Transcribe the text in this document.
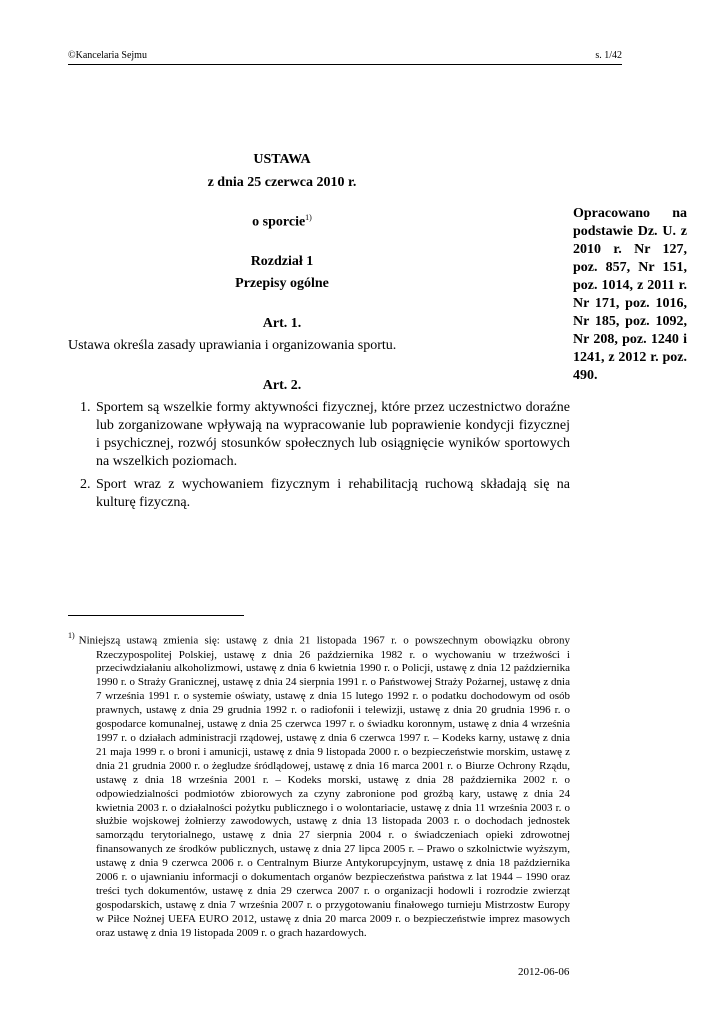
©Kancelaria Sejmu	s. 1/42
USTAWA
z dnia 25 czerwca 2010 r.
o sporcie$^{1)}$
Rozdział 1
Przepisy ogólne
Art. 1.
Ustawa określa zasady uprawiania i organizowania sportu.
Opracowano na podstawie Dz. U. z 2010 r. Nr 127, poz. 857, Nr 151, poz. 1014, z 2011 r. Nr 171, poz. 1016, Nr 185, poz. 1092, Nr 208, poz. 1240 i 1241, z 2012 r. poz. 490.
Art. 2.
1. Sportem są wszelkie formy aktywności fizycznej, które przez uczestnictwo doraźne lub zorganizowane wpływają na wypracowanie lub poprawienie kondycji fizycznej i psychicznej, rozwój stosunków społecznych lub osiągnięcie wyników sportowych na wszelkich poziomach.
2. Sport wraz z wychowaniem fizycznym i rehabilitacją ruchową składają się na kulturę fizyczną.
$^{1)}$ Niniejszą ustawą zmienia się: ustawę z dnia 21 listopada 1967 r. o powszechnym obowiązku obrony Rzeczypospolitej Polskiej, ustawę z dnia 26 października 1982 r. o wychowaniu w trzeźwości i przeciwdziałaniu alkoholizmowi, ustawę z dnia 6 kwietnia 1990 r. o Policji, ustawę z dnia 12 października 1990 r. o Straży Granicznej, ustawę z dnia 24 sierpnia 1991 r. o Państwowej Straży Pożarnej, ustawę z dnia 7 września 1991 r. o systemie oświaty, ustawę z dnia 15 lutego 1992 r. o podatku dochodowym od osób prawnych, ustawę z dnia 29 grudnia 1992 r. o radiofonii i telewizji, ustawę z dnia 20 grudnia 1996 r. o gospodarce komunalnej, ustawę z dnia 25 czerwca 1997 r. o świadku koronnym, ustawę z dnia 4 września 1997 r. o działach administracji rządowej, ustawę z dnia 6 czerwca 1997 r. – Kodeks karny, ustawę z dnia 21 maja 1999 r. o broni i amunicji, ustawę z dnia 9 listopada 2000 r. o bezpieczeństwie morskim, ustawę z dnia 21 grudnia 2000 r. o żegludze śródlądowej, ustawę z dnia 16 marca 2001 r. o Biurze Ochrony Rządu, ustawę z dnia 18 września 2001 r. – Kodeks morski, ustawę z dnia 28 października 2002 r. o odpowiedzialności podmiotów zbiorowych za czyny zabronione pod groźbą kary, ustawę z dnia 24 kwietnia 2003 r. o działalności pożytku publicznego i o wolontariacie, ustawę z dnia 11 września 2003 r. o służbie wojskowej żołnierzy zawodowych, ustawę z dnia 13 listopada 2003 r. o dochodach jednostek samorządu terytorialnego, ustawę z dnia 27 sierpnia 2004 r. o świadczeniach opieki zdrowotnej finansowanych ze środków publicznych, ustawę z dnia 27 lipca 2005 r. – Prawo o szkolnictwie wyższym, ustawę z dnia 9 czerwca 2006 r. o Centralnym Biurze Antykorupcyjnym, ustawę z dnia 18 października 2006 r. o ujawnianiu informacji o dokumentach organów bezpieczeństwa państwa z lat 1944 – 1990 oraz treści tych dokumentów, ustawę z dnia 29 czerwca 2007 r. o organizacji hodowli i rozrodzie zwierząt gospodarskich, ustawę z dnia 7 września 2007 r. o przygotowaniu finałowego turnieju Mistrzostw Europy w Piłce Nożnej UEFA EURO 2012, ustawę z dnia 20 marca 2009 r. o bezpieczeństwie imprez masowych oraz ustawę z dnia 19 listopada 2009 r. o grach hazardowych.
2012-06-06
